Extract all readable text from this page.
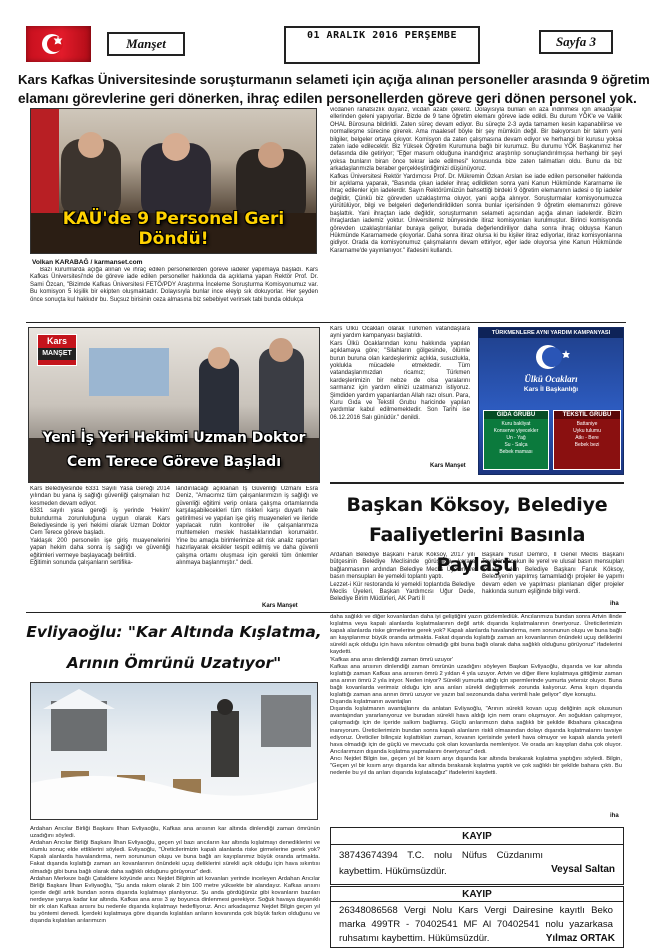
Manşet
01 ARALIK 2016 PERŞEMBE	Sayfa 3
Kars Kafkas Üniversitesinde soruşturmanın selameti için açığa alınan personeller arasında 9 öğretim
elamanı görevlerine geri dönerken, ihraç edilen personellerden göreve geri dönen personel yok.
KAÜ'de 9 Personel Geri Döndü!
Volkan KARABAĞ / karmanset.com
Bazı kurumlarda açığa alınan ve ihraç edilen personellerden göreve iadeler yapılmaya başladı. Kars Kafkas Üniversitesi'nde de göreve iade edilen personeller hakkında da açıklama yapan Rektör Prof. Dr. Sami Özcan, "Bizimde Kafkas Üniversitesi FETÖ/PDY Araştırma İnceleme Soruşturma Komisyonumuz var. Bu komisyon 5 kişilik bir ekipten oluşmaktadır. Dolayısıyla bunlar ince eleyip sık dokuyorlar. Her şeyden önce sonuçta kul hakkıdır bu. Suçsuz birisinin ceza almasına biz sebebiyet verirsek tabi bunda oldukça
vicdanen rahatsızlık duyarız, vicdan azabı çekeriz. Dolayısıyla bunları en aza indirilmesi için arkadaşlar ellerinden geleni yapıyorlar. Bizde de 9 tane öğretim elemanı göreve iade edildi. Bu durum YÖK'e ve Valilik OHAL Bürosuna bildirildi. Zaten süreç devam ediyor. Bu süreçte 2-3 ayda tamamen kesin kapanabilirse ve normalleşme sürecine girerek. Ama maalesef böyle bir şey mümkün değil. Bir bakıyorsun bir takım yeni bilgiler, belgeler ortaya çıkıyor. Komisyon da zaten çalışmasına devam ediyor ve herhangi bir kurusu yoksa zaten iade edilecektir. Biz Yüksek Öğretim Kurumuna bağlı bir kurumuz. Bu durumu YÖK Başkanımız her defasında dile getiriyor; "Eğer masum olduğuna inandığınız araştırılıp sonuçlandırılmışsa herhangi bir şeyi yoksa bunların biran önce tekrar iade edilmesi" konusunda bize zaten talimatları oldu. Bunu da biz arkadaşlarımızla beraber gerçekleştirdiğimizi düşünüyoruz.
Kafkas Üniversitesi Rektör Yardımcısı Prof. Dr. Mükremin Özkan Arslan ise iade edilen personeller hakkında bir açıklama yaparak, "Basında çıkan iadeler ihraç edildikten sonra yani Kanun Hükmünde Kararname ile ihraç edilenler için iadelerdir. Sayın Rektörümüzün bahsettiği birdeki 9 öğretim elemanının iadesi o tip iadeler değildir, Çünkü biz görevden uzaklaştırma oluyor, yani açığa alınıyor. Soruşturmalar komisyonumuzca yürütülüyor, bilgi ve belgeleri değerlendirildikten sonra bunlar içerisinden 9 öğretim elemanımızı göreve başlattık. Yani ihraçtan iade değildir, soruşturmanın selameti açısından açığa alınan iadelerdir. Bizim ihraçlardan iademiz yoktur. Üniversitemiz bünyesinde itiraz komisyonları kurulmuştur. Birinci komisyonda görevden uzaklaştırılanlar buraya geliyor, burada değerlendiriliyor daha sonra ihraç olduysa Kanun Hükmünde Kararnamede çıkıyorlar. Daha sonra itiraz olursa ki bu kişiler itiraz ediyorlar, itiraz komisyonlarına gidiyor. Orada da komisyonumuz çalışmalarını devam ettiriyor, eğer iade oluyorsa yine Kanun Hükmünde Kararname'de yayınlanıyor." ifadesini kullandı.
Kars
MANŞET
Yeni İş Yeri Hekimi Uzman Doktor
Cem Terece Göreve Başladı
Kars Belediyesinde 6331 Sayılı Yasa Gereği 2014 yılından bu yana iş sağlığı güvenliği çalışmaları hız kesmeden devam ediyor.
6331 sayılı yasa gereği iş yerinde 'Hekim' bulundurma zorunluluğuna uygun olarak Kars Belediyesinde iş yeri hekimi olarak Uzman Doktor Cem Terece göreve başladı.
Yaklaşık 200 personelin işe giriş muayenelerini yapan hekim daha sonra iş sağlığı ve güvenliği eğitimleri vermeye başlayacağı belirtildi.
Eğitimin sonunda çalışanların sertifika-
landırılacağı açıklanan İş Güvenliği Uzmanı Esra Deniz, "Amacımız tüm çalışanlarımızın iş sağlığı ve güvenliği eğitimi verip onlara çalışma ortamlarında karşılaşabilecekleri tüm riskleri karşı duyarlı hale getirilmesi ve yapılan işe giriş muayeneleri ve ileride yapılacak rutin kontroller ile çalışanlarımıza muhtemelen meslek hastalıklarından korumaktır. Yine bu amaçla birimlerimize ait risk analiz raporları hazırlayarak eksikler tespit edilmiş ve daha güvenli çalışma ortamı oluşması için gerekli tüm önlemler alınmaya başlanmıştır." dedi.
Kars Manşet
Kars Ülkü Ocakları olarak Türkmen vatandaşlara ayni yardım kampanyası başlatıldı.
Kars Ülkü Ocaklarından konu hakkında yapılan açıklamaya göre; "Silahların gölgesinde, ölümle burun buruna olan kardeşlerimiz açlıkla, susuzlukla, yoklukla mücadele etmektedir. Tüm vatandaşlarımızdan ricamız; Türkmen kardeşlerimizin bir nebze de olsa yaralarını sarmanız için yardım elinizi uzatmanızı istiyoruz. Şimdiden yardım yapanlardan Allah razı olsun. Para, Kuru Gıda ve Tekstil Grubu haricinde yapılan yardımlar kabul edilmemektedir. Son Tarihi ise 06.12.2016 Salı günüdür." denildi.
Kars Manşet
TÜRKMENLERE AYNI YARDIM KAMPANYASI
Ülkü Ocakları
Kars İl Başkanlığı
GIDA GRUBU
Kuru bakliyat
Konserve yiyecekler
Un - Yağ
Su - Salça
Bebek maması
TEKSTİL GRUBU
Battaniye
Uyku tulumu
Atkı - Bere
Bebek bezi
Başkan Köksoy, Belediye
Faaliyetlerini Basınla Paylaştı
Ardahan Belediye Başkanı Faruk Köksoy, 2017 yılı bütçesinin Belediye Meclisinde görüşüldü, karara bağlanmasının ardından Belediye Meclis Üyeleri ve basın mensupları ile yemekli toplantı yaptı.
Lezzet-i Kür restoranda ki yemekli toplantıda Belediye Meclis Üyeleri, Başkan Yardımcısı Uğur Dede, Belediye Birim Müdürleri, AK Parti İl
Başkanı Yusuf Demirci, İl Genel Meclis Başkanı Tavildün Coşkun ile yerel ve ulusal basın mensupları misafir eden Belediye Başkanı Faruk Köksoy, Belediyenin yapılmış tamamladığı projeler ile yapımı devam eden ve yapılması planlanan diğer projeler hakkında sunum eşliğinde bilgi verdi.
iha
Evliyaoğlu: "Kar Altında Kışlatma,
Arının Ömrünü Uzatıyor"
Ardahan Arıcılar Birliği Başkanı İlhan Evliyaoğlu, Kafkas ana arısının kar altında dinlendiği zaman ömrünün uzadığını söyledi.
Ardahan Arıcılar Birliği Başkanı İlhan Evliyaoğlu, geçen yıl bazı arıcıların kar altında kışlatmayı denediklerini ve olumlu sonuç elde ettiklerini söyledi. Evliyaoğlu, "Üreticilerimizin kapalı alanlarda riske girmelerine gerek yok? Kapalı alanlarda havalandırma, nem sorununun oluşu ve buna bağlı arı kayıplarımız büyük oranda artmakta. Fakat dışarıda kışlattığı zaman arı kovanlarının önündeki uçuş deliklerini sürekli açık olduğu için hava sıkıntısı olmadığı gibi buna bağlı olarak daha sağlıklı olduğunu görüyoruz" dedi.
Ardahan Merkeze bağlı Çataldere köyünde arıcı Nejdet Bilginin ait kovanları yerinde inceleyen Ardahan Arıcılar Birliği Başkanı İlhan Evliyaoğlu, "Şu anda rakım olarak 2 bin 100 metre yüksekte bir alandayız. Kafkas arısını içerde değil artık bundan sonra dışarıda kışlatmayı planlıyoruz. Şu anda gördüğünüz gibi kovanların bazıları nerdeyse yarıya kadar kar altında. Kafkas ana arısı 3 ay boyunca dinlenmesi gerekiyor. Soğuk havaya dayanıklı bir ırk olan Kafkas arısını bu nedenle dışarıda kışlatmayı hedefliyoruz. Arıcı arkadaşımız Nejdet Bilgin geçen yıl bu yöntemi denedi. İçerdeki kışlatmaya göre dışarıda kışlatılan arıların kovanında çok büyük farkın olduğunu ve dışarıda kışlatılan arılarımızın
daha sağlıklı ve diğer kovanlardan daha iyi geliştiğini yazın gözlemlediük. Ancılarımıza bundan sonra Artvin ilinde kışlatma veya kapalı alanlarda kışlatmalarının değil artık dışarıda kışlatmalarının öneriyoruz. Üreticilerimizin kapalı alanlarda riske girmelerine gerek yok? Kapalı alanlarda havalandırma, nem sorununun oluşu ve buna bağlı arı kayıplarımız büyük oranda artmakta. Fakat dışarıda kışlattığı zaman arı kovanlarının önündeki uçuş deliklerini sürekli açık olduğu için hava sıkıntısı olmadığı gibi buna bağlı olarak daha sağlıklı olduğunu görüyoruz" ifadelerini kaydetti.
'Kafkas ana arısı dinlendiği zaman ömrü uzuyor'
Kafkas ana arısının dinlendiği zaman ömrünün uzadığını söyleyen Başkan Evliyaoğlu, dışarıda ve kar altında kışlattığı zaman Kafkas ana arısının ömrü 2 yıldan 4 yıla uzuyor. Artvin ve diğer illere kışlatmaya gittiğimiz zaman ana arının ömrü 2 yıla iniyor. Neden iniyor? Sürekli yumurta attığı için spermlerinde yumurta yetersiz oluyor. Buna bağlı kovanlarda verimsiz olduğu için ana arıları sürekli değiştirmek zorunda kalıyoruz. Ama kışın dışarıda kışlattığı zaman ana arının ömrü uzuyor ve yazın bal sezonunda daha verimli hale geliyor" diye konuştu.
Dışarıda kışlatmanın avantajları
Dışarıda kışlatmanın avantajlarını da anlatan Evliyaoğlu, "Arının sürekli kovan uçuş deliğinin açık olusunun avantajından yararlanıyoruz ve buradan sürekli hava aldığı için nem oranı oluşmuyor. Arı soğuktan çalışmıyor, çalışmadığı için de içeride salkım bağlamış. Güçlü arılarımızın daha sağlıklı bir şekilde ilkbahara çıkacağına inanıyorum. Üreticilerimizin bundan sonra kapalı alanların riskli olmasından dolayı dışarıda kışlatmalarını tavsiye ediyoruz. Üreticiler bilinçsiz kışlattıkları zaman, kovanın içerisinde yeterli hava olmuyor ve kapalı alanda yeterli hava olmadığı için de güçlü ve mevcudu çok olan kovanlarda nemleniyor. Ve orada arı kayıpları daha çok oluyor. Arıcılarımızın dışarıda kışlatma yapmalarını öneriyoruz" dedi.
Arıcı Nejdet Bilgin ise, geçen yıl bir kısım arıyı dışarıda kar altında bırakarak kışlatma yaptığını söyledi. Bilgin, "Geçen yıl bir kısım arıyı dışarıda kar altında bırakarak kışlatma yaptık ve çok sağlıklı bir şekilde bahara çıktı. Bu nedenle bu yıl da arıları dışarıda kışlatacağız" ifadelerini kaydetti.
iha
KAYIP
38743674394 T.C. nolu Nüfus Cüzdanımı kaybettim. Hükümsüzdür.	Veysal Saltan
KAYIP
26348086568 Vergi Nolu Kars Vergi Dairesine kayıtlı Beko marka 499TR - 70402541 MF Al 70402541 nolu yazarkasa ruhsatımı kaybettim. Hükümsüzdür.	Yılmaz ORTAK
